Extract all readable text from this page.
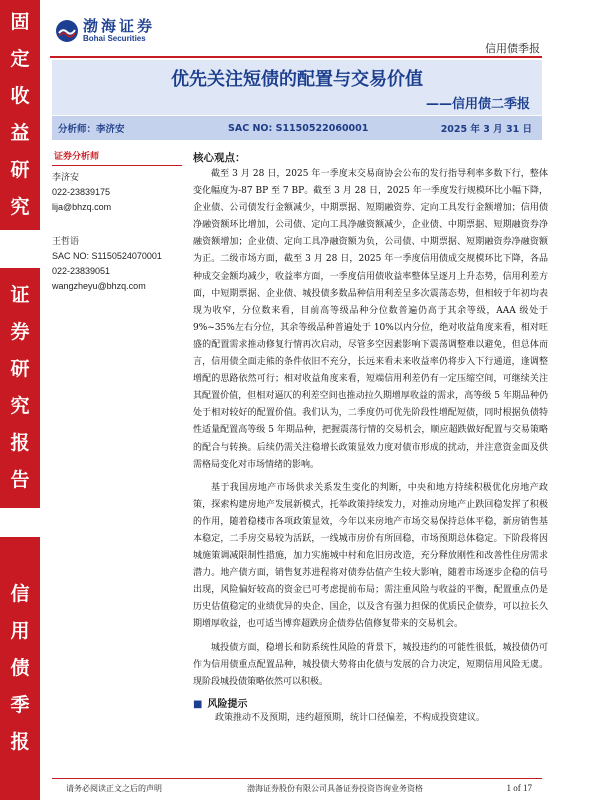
固
定
收
益
研
究
证
券
研
究
报
告
信
用
债
季
报
渤海证券
Bohai Securities
信用债季报
优先关注短债的配置与交易价值
——信用债二季报
分析师：李济安	SAC NO: S1150522060001	2025 年 3 月 31 日
证券分析师
李济安
022-23839175
lija@bhzq.com
王哲语
SAC NO: S1150524070001
022-23839051
wangzheyu@bhzq.com
核心观点：

截至 3 月 28 日，2025 年一季度末交易商协会公布的发行指导利率多数下行，整体变化幅度为-87 BP 至 7 BP。截至 3 月 28 日，2025 年一季度发行规模环比小幅下降，企业债、公司债发行金额减少，中期票据、短期融资券、定向工具发行金额增加；信用债净融资额环比增加，公司债、定向工具净融资额减少，企业债、中期票据、短期融资券净融资额增加；企业债、定向工具净融资额为负，公司债、中期票据、短期融资券净融资额为正。二级市场方面，截至 3 月 28 日，2025 年一季度信用债成交规模环比下降，各品种成交金额均减少，收益率方面，一季度信用债收益率整体呈逐月上升态势，信用利差方面，中短期票据、企业债、城投债多数品种信用利差呈多次震荡态势，但相较于年初均表现为收窄，分位数来看，目前高等级品种分位数普遍仍高于其余等级，AAA 级处于 9%~35%左右分位，其余等级品种普遍处于 10%以内分位，绝对收益角度来看，相对旺盛的配置需求推动修复行情再次启动，尽管多空因素影响下震荡调整难以避免，但总体而言，信用债全面走熊的条件依旧不充分，长远来看未来收益率仍将步入下行通道，逢调整增配的思路依然可行；相对收益角度来看，短端信用利差仍有一定压缩空间，可继续关注其配置价值，但相对逼仄的利差空间也推动拉久期增厚收益的需求，高等级 5 年期品种仍处于相对较好的配置价值。我们认为，二季度仍可优先阶段性增配短债，同时根据负债特性适量配置高等级 5 年期品种，把握震荡行情的交易机会，顺应超跌做好配置与交易策略的配合与转换。后续仍需关注稳增长政策显效力度对债市形成的扰动，并注意资金面及供需格局变化对市场情绪的影响。

基于我国房地产市场供求关系发生变化的判断，中央和地方持续积极优化房地产政策，探索构建房地产发展新模式，托举政策持续发力，对推动房地产止跌回稳发挥了积极的作用，随着稳楼市各项政策显效，今年以来房地产市场交易保持总体平稳，新房销售基本稳定，二手房交易较为活跃，一线城市房价有所回稳，市场预期总体稳定。下阶段将因城施策调减限制性措施，加力实施城中村和危旧房改造，充分释放刚性和改善性住房需求潜力。地产债方面，销售复苏进程将对债券估值产生较大影响，随着市场逐步企稳的信号出现，风险偏好较高的资金已可考虑提前布局；需注重风险与收益的平衡，配置重点仍是历史估值稳定的业绩优异的央企、国企，以及含有强力担保的优质民企债券，可以拉长久期增厚收益，也可适当博弈超跌房企债券估值修复带来的交易机会。

城投债方面，稳增长和防系统性风险的背景下，城投违约的可能性很低，城投债仍可作为信用债重点配置品种，城投债大势将由化债与发展的合力决定，短期信用风险无虞。现阶段城投债策略依然可以积极。

■ 风险提示
政策推动不及预期，违约超预期，统计口径偏差，不构成投资建议。
请务必阅读正文之后的声明	渤海证券股份有限公司具备证券投资咨询业务资格	1 of 17
